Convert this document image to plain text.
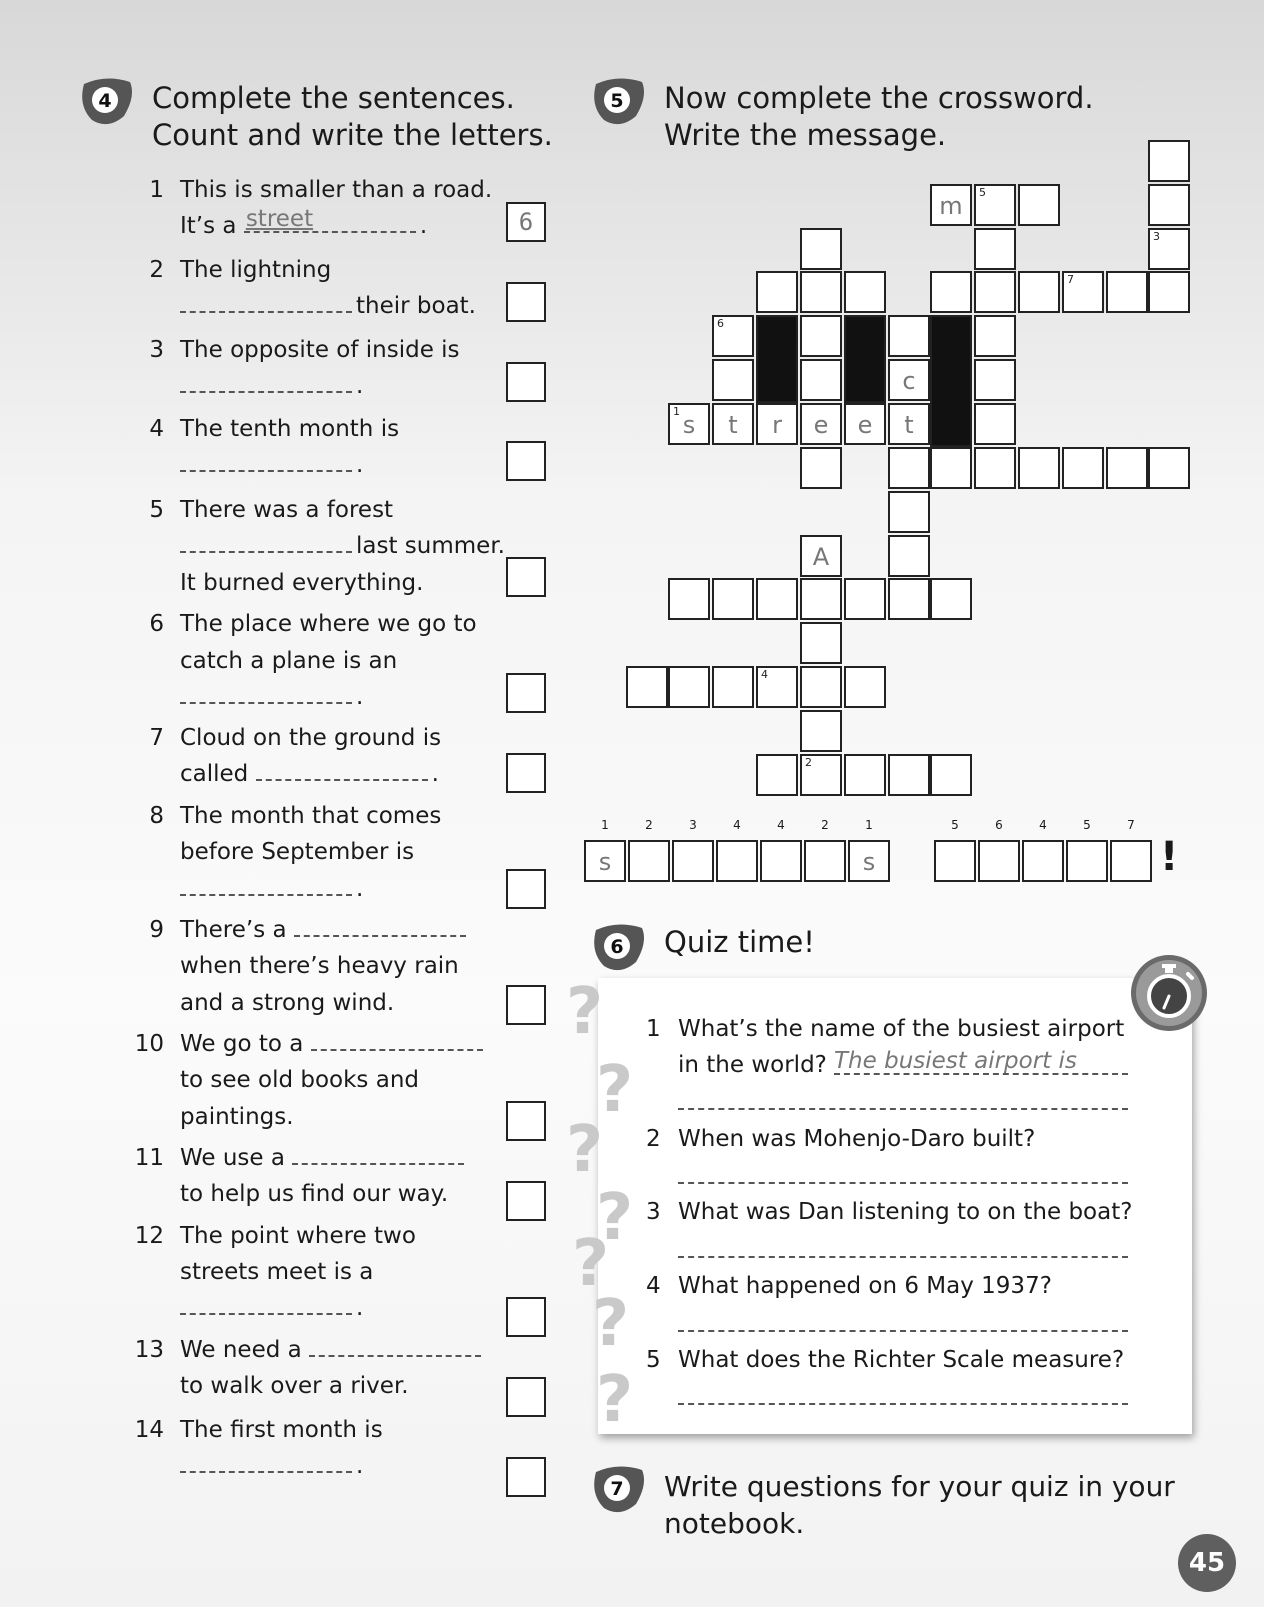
4 Complete the sentences.
Count and write the letters.
1 This is smaller than a road.
It’s a street	.	6
2 The lightning
their boat.
3 The opposite of inside is
.
4 The tenth month is
.
5 There was a forest
last summer.
It burned everything.
6 The place where we go to
catch a plane is an
.
7 Cloud on the ground is
called	.
8 The month that comes
before September is
.
9 There’s a
when there’s heavy rain
and a strong wind.
10 We go to a
to see old books and
paintings.
11 We use a
to help us find our way.
12 The point where two
streets meet is a
.
13 We need a
to walk over a river.
14 The first month is
.
5 Now complete the crossword.
Write the message.
3
m	5
7
6
c
1 s	t	r	e	e	t
A
4
2
1	2	3	4	4	2	1
s	s
5	6	4	5	7
!
6 Quiz time!
?
?
?
?
?
?
?
1 What’s the name of the busiest airport
in the world? The busiest airport is
2 When was Mohenjo-Daro built?
3 What was Dan listening to on the boat?
4 What happened on 6 May 1937?
5 What does the Richter Scale measure?
7 Write questions for your quiz in your
notebook.
45
